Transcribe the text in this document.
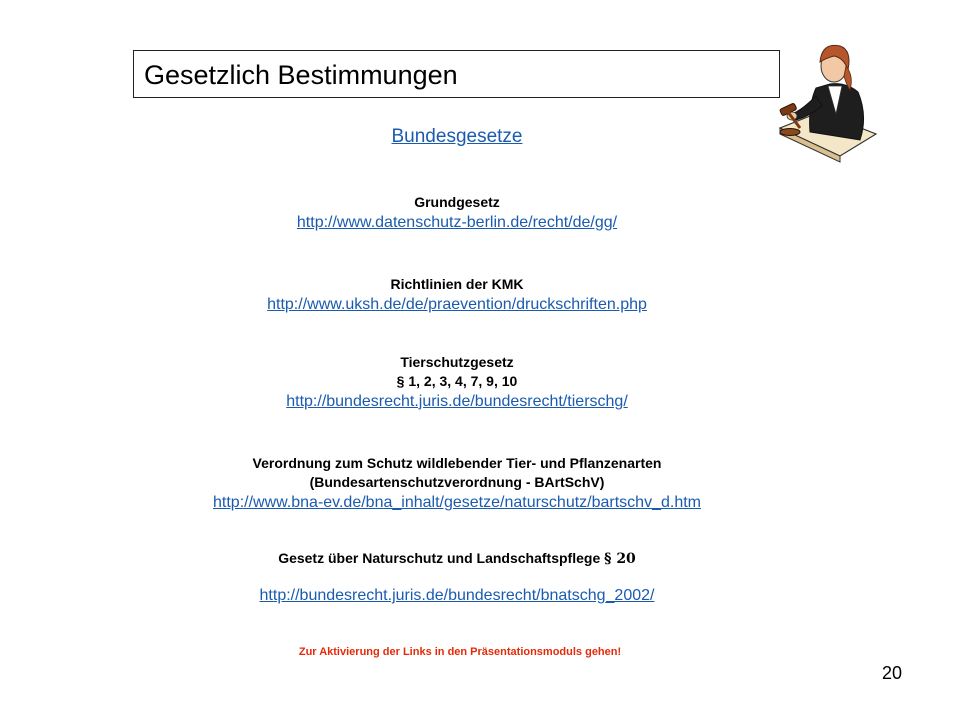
Gesetzlich Bestimmungen
Bundesgesetze
Grundgesetz
http://www.datenschutz-berlin.de/recht/de/gg/
Richtlinien der KMK
http://www.uksh.de/de/praevention/druckschriften.php
Tierschutzgesetz
§ 1, 2, 3, 4, 7, 9, 10
http://bundesrecht.juris.de/bundesrecht/tierschg/
Verordnung zum Schutz wildlebender Tier- und Pflanzenarten
(Bundesartenschutzverordnung - BArtSchV)
http://www.bna-ev.de/bna_inhalt/gesetze/naturschutz/bartschv_d.htm
Gesetz über Naturschutz und Landschaftspflege § 20
http://bundesrecht.juris.de/bundesrecht/bnatschg_2002/
Zur Aktivierung der Links in den Präsentationsmoduls gehen!
20
